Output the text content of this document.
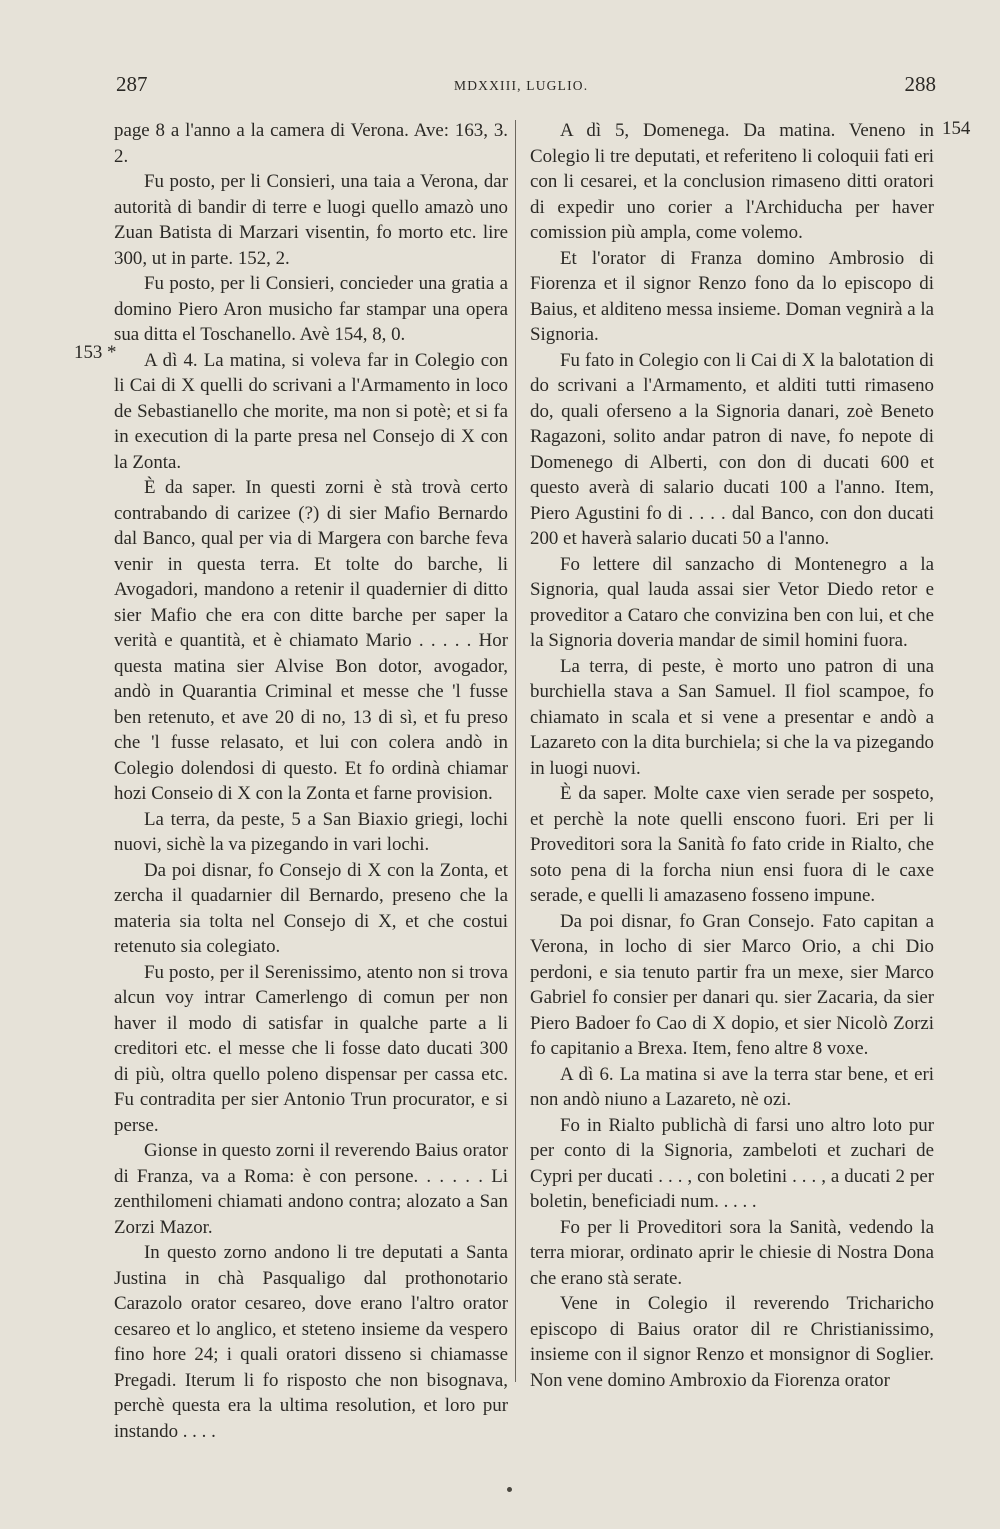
287	MDXXIII, LUGLIO.	288
153 *
154

page 8 a l'anno a la camera di Verona. Ave: 163, 3. 2.

Fu posto, per li Consieri, una taia a Verona, dar autorità di bandir di terre e luogi quello amazò uno Zuan Batista di Marzari visentin, fo morto etc. lire 300, ut in parte. 152, 2.

Fu posto, per li Consieri, concieder una gratia a domino Piero Aron musicho far stampar una opera sua ditta el Toschanello. Avè 154, 8, 0.

A dì 4. La matina, si voleva far in Colegio con li Cai di X quelli do scrivani a l'Armamento in loco de Sebastianello che morite, ma non si potè; et si fa in execution di la parte presa nel Consejo di X con la Zonta.

È da saper. In questi zorni è stà trovà certo contrabando di carizee (?) di sier Mafio Bernardo dal Banco, qual per via di Margera con barche feva venir in questa terra. Et tolte do barche, li Avogadori, mandono a retenir il quadernier di ditto sier Mafio che era con ditte barche per saper la verità e quantità, et è chiamato Mario . . . . . Hor questa matina sier Alvise Bon dotor, avogador, andò in Quarantia Criminal et messe che 'l fusse ben retenuto, et ave 20 di no, 13 di sì, et fu preso che 'l fusse relasato, et lui con colera andò in Colegio dolendosi di questo. Et fo ordinà chiamar hozi Conseio di X con la Zonta et farne provision.

La terra, da peste, 5 a San Biaxio griegi, lochi nuovi, sichè la va pizegando in vari lochi.

Da poi disnar, fo Consejo di X con la Zonta, et zercha il quadarnier dil Bernardo, preseno che la materia sia tolta nel Consejo di X, et che costui retenuto sia colegiato.

Fu posto, per il Serenissimo, atento non si trova alcun voy intrar Camerlengo di comun per non haver il modo di satisfar in qualche parte a li creditori etc. el messe che li fosse dato ducati 300 di più, oltra quello poleno dispensar per cassa etc. Fu contradita per sier Antonio Trun procurator, e si perse.

Gionse in questo zorni il reverendo Baius orator di Franza, va a Roma: è con persone. . . . . . Li zenthilomeni chiamati andono contra; alozato a San Zorzi Mazor.

In questo zorno andono li tre deputati a Santa Justina in chà Pasqualigo dal prothonotario Carazolo orator cesareo, dove erano l'altro orator cesareo et lo anglico, et steteno insieme da vespero fino hore 24; i quali oratori disseno si chiamasse Pregadi. Iterum li fo risposto che non bisognava, perchè questa era la ultima resolution, et loro pur instando . . . .

A dì 5, Domenega. Da matina. Veneno in Colegio li tre deputati, et referiteno li coloquii fati eri con li cesarei, et la conclusion rimaseno ditti oratori di expedir uno corier a l'Archiducha per haver comission più ampla, come volemo.

Et l'orator di Franza domino Ambrosio di Fiorenza et il signor Renzo fono da lo episcopo di Baius, et alditeno messa insieme. Doman vegnirà a la Signoria.

Fu fato in Colegio con li Cai di X la balotation di do scrivani a l'Armamento, et alditi tutti rimaseno do, quali oferseno a la Signoria danari, zoè Beneto Ragazoni, solito andar patron di nave, fo nepote di Domenego di Alberti, con don di ducati 600 et questo averà di salario ducati 100 a l'anno. Item, Piero Agustini fo di . . . . dal Banco, con don ducati 200 et haverà salario ducati 50 a l'anno.

Fo lettere dil sanzacho di Montenegro a la Signoria, qual lauda assai sier Vetor Diedo retor e proveditor a Cataro che convizina ben con lui, et che la Signoria doveria mandar de simil homini fuora.

La terra, di peste, è morto uno patron di una burchiella stava a San Samuel. Il fiol scampoe, fo chiamato in scala et si vene a presentar e andò a Lazareto con la dita burchiela; si che la va pizegando in luogi nuovi.

È da saper. Molte caxe vien serade per sospeto, et perchè la note quelli enscono fuori. Eri per li Proveditori sora la Sanità fo fato cride in Rialto, che soto pena di la forcha niun ensi fuora di le caxe serade, e quelli li amazaseno fosseno impune.

Da poi disnar, fo Gran Consejo. Fato capitan a Verona, in locho di sier Marco Orio, a chi Dio perdoni, e sia tenuto partir fra un mexe, sier Marco Gabriel fo consier per danari qu. sier Zacaria, da sier Piero Badoer fo Cao di X dopio, et sier Nicolò Zorzi fo capitanio a Brexa. Item, feno altre 8 voxe.

A dì 6. La matina si ave la terra star bene, et eri non andò niuno a Lazareto, nè ozi.

Fo in Rialto publichà di farsi uno altro loto pur per conto di la Signoria, zambeloti et zuchari de Cypri per ducati . . . , con boletini . . . , a ducati 2 per boletin, beneficiadi num. . . . .

Fo per li Proveditori sora la Sanità, vedendo la terra miorar, ordinato aprir le chiesie di Nostra Dona che erano stà serate.

Vene in Colegio il reverendo Tricharicho episcopo di Baius orator dil re Christianissimo, insieme con il signor Renzo et monsignor di Soglier. Non vene domino Ambroxio da Fiorenza orator
